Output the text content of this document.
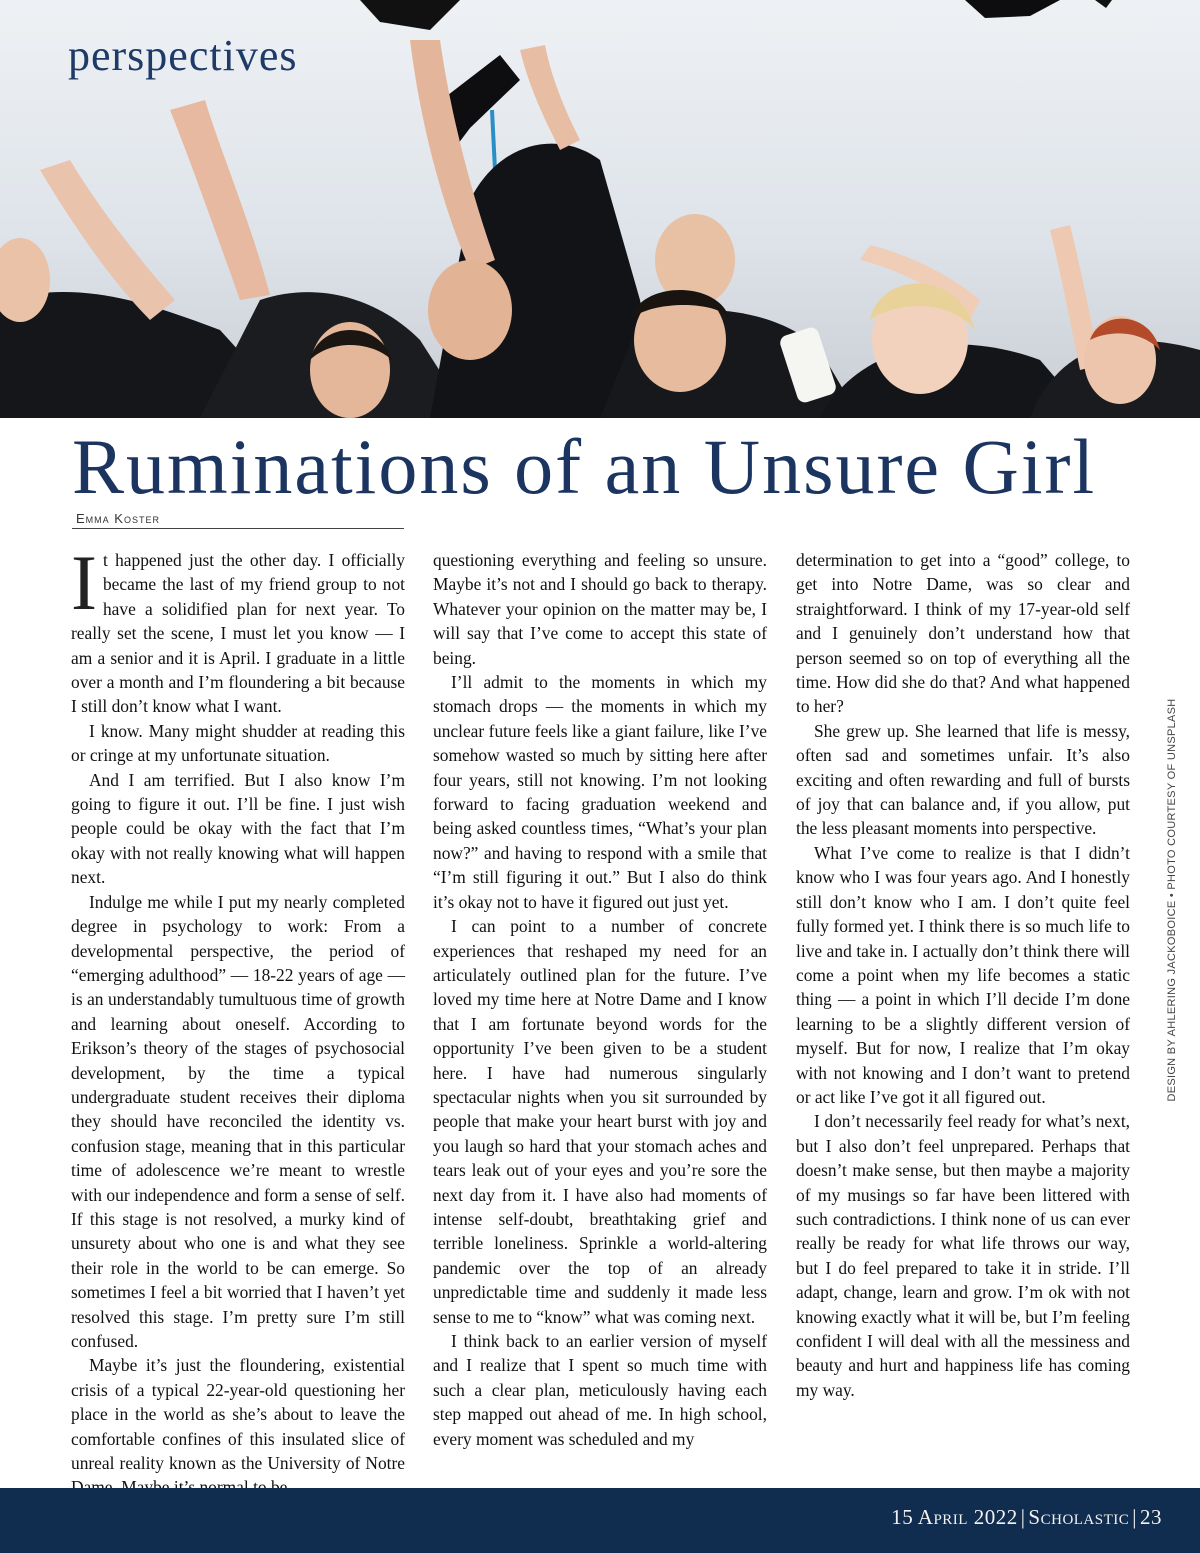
perspectives
Ruminations of an Unsure Girl
Emma Koster

It happened just the other day. I officially became the last of my friend group to not have a solidified plan for next year. To really set the scene, I must let you know — I am a senior and it is April. I graduate in a little over a month and I’m floundering a bit because I still don’t know what I want.

I know. Many might shudder at reading this or cringe at my unfortunate situation.

And I am terrified. But I also know I’m going to figure it out. I’ll be fine. I just wish people could be okay with the fact that I’m okay with not really knowing what will happen next.

Indulge me while I put my nearly completed degree in psychology to work: From a developmental perspective, the period of “emerging adulthood” — 18-22 years of age — is an understandably tumultuous time of growth and learning about oneself. According to Erikson’s theory of the stages of psychosocial development, by the time a typical undergraduate student receives their diploma they should have reconciled the identity vs. confusion stage, meaning that in this particular time of adolescence we’re meant to wrestle with our independence and form a sense of self. If this stage is not resolved, a murky kind of unsurety about who one is and what they see their role in the world to be can emerge. So sometimes I feel a bit worried that I haven’t yet resolved this stage. I’m pretty sure I’m still confused.

Maybe it’s just the floundering, existential crisis of a typical 22-year-old questioning her place in the world as she’s about to leave the comfortable confines of this insulated slice of unreal reality known as the University of Notre

questioning everything and feeling so unsure. Maybe it’s not and I should go back to therapy. Whatever your opinion on the matter may be, I will say that I’ve come to accept this state of being.

I’ll admit to the moments in which my stomach drops — the moments in which my unclear future feels like a giant failure, like I’ve somehow wasted so much by sitting here after four years, still not knowing. I’m not looking forward to facing graduation weekend and being asked countless times, “What’s your plan now?” and having to respond with a smile that “I’m still figuring it out.” But I also do think it’s okay not to have it figured out just yet.

I can point to a number of concrete experiences that reshaped my need for an articulately outlined plan for the future. I’ve loved my time here at Notre Dame and I know that I am fortunate beyond words for the opportunity I’ve been given to be a student here. I have had numerous singularly spectacular nights when you sit surrounded by people that make your heart burst with joy and you laugh so hard that your stomach aches and tears leak out of your eyes and you’re sore the next day from it. I have also had moments of intense self-doubt, breathtaking grief and terrible loneliness. Sprinkle a world-altering pandemic over the top of an already unpredictable time and suddenly it made less sense to me to “know” what was coming next.

I think back to an earlier version of myself and I realize that I spent so much time with such a clear plan, meticulously having each step mapped out ahead of me. In high school, every moment was scheduled and my

determination to get into a “good” college, to get into Notre Dame, was so clear and straightforward. I think of my 17-year-old self and I genuinely don’t understand how that person seemed so on top of everything all the time. How did she do that? And what happened to her?

She grew up. She learned that life is messy, often sad and sometimes unfair. It’s also exciting and often rewarding and full of bursts of joy that can balance and, if you allow, put the less pleasant moments into perspective.

What I’ve come to realize is that I didn’t know who I was four years ago. And I honestly still don’t know who I am. I don’t quite feel fully formed yet. I think there is so much life to live and take in. I actually don’t think there will come a point when my life becomes a static thing — a point in which I’ll decide I’m done learning to be a slightly different version of myself. But for now, I realize that I’m okay with not knowing and I don’t want to pretend or act like I’ve got it all figured out.

I don’t necessarily feel ready for what’s next, but I also don’t feel unprepared. Perhaps that doesn’t make sense, but then maybe a majority of my musings so far have been littered with such contradictions. I think none of us can ever really be ready for what life throws our way, but I do feel prepared to take it in stride. I’ll adapt, change, learn and grow. I’m ok with not knowing exactly what it will be, but I’m feeling confident I will deal with all the messiness and beauty and hurt and happiness life has coming my way.

DESIGN BY AHLERING JACKOBOICE • PHOTO COURTESY OF UNSPLASH
15 April 2022 | Scholastic | 23
